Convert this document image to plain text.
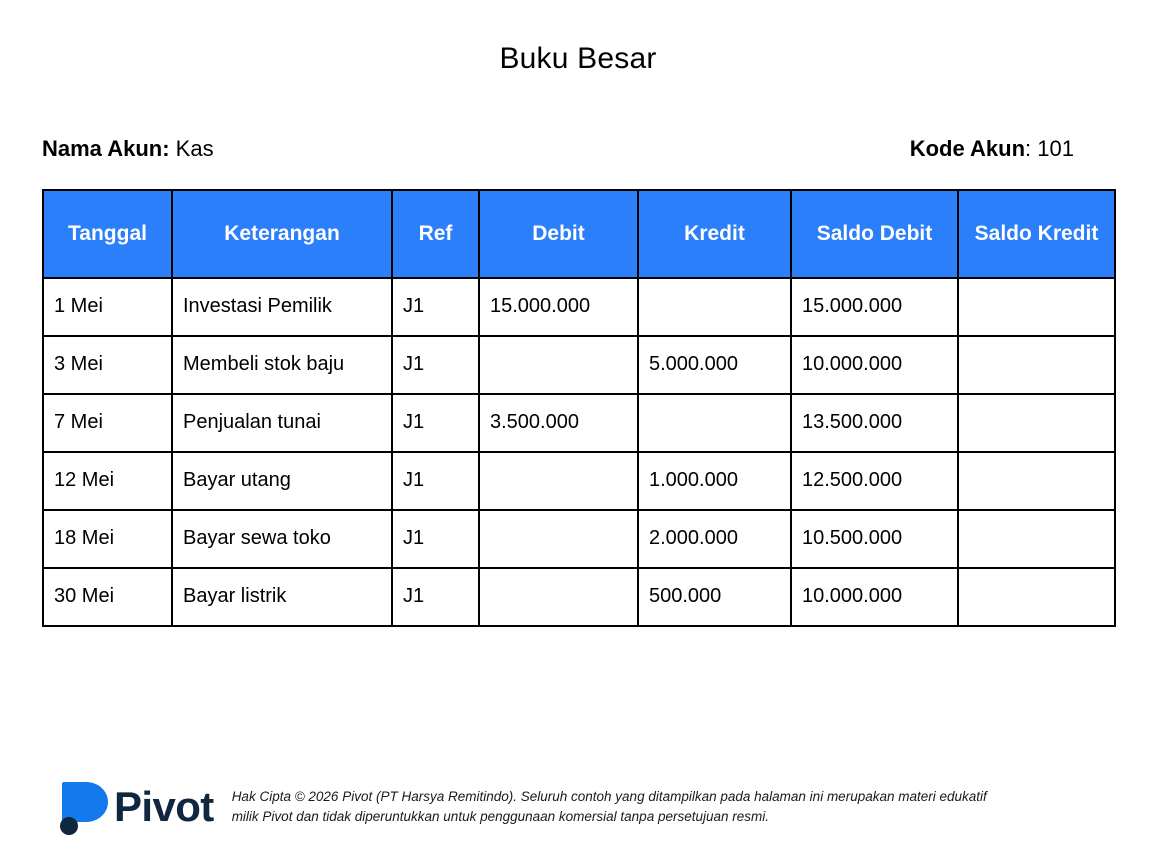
Buku Besar
Nama Akun: Kas	Kode Akun: 101
Tanggal	Keterangan	Ref	Debit	Kredit	Saldo Debit	Saldo Kredit
1 Mei	Investasi Pemilik	J1	15.000.000		15.000.000	
3 Mei	Membeli stok baju	J1		5.000.000	10.000.000	
7 Mei	Penjualan tunai	J1	3.500.000		13.500.000	
12 Mei	Bayar utang	J1		1.000.000	12.500.000	
18 Mei	Bayar sewa toko	J1		2.000.000	10.500.000	
30 Mei	Bayar listrik	J1		500.000	10.000.000	
Pivot Hak Cipta © 2026 Pivot (PT Harsya Remitindo). Seluruh contoh yang ditampilkan pada halaman ini merupakan materi edukatif milik Pivot dan tidak diperuntukkan untuk penggunaan komersial tanpa persetujuan resmi.
